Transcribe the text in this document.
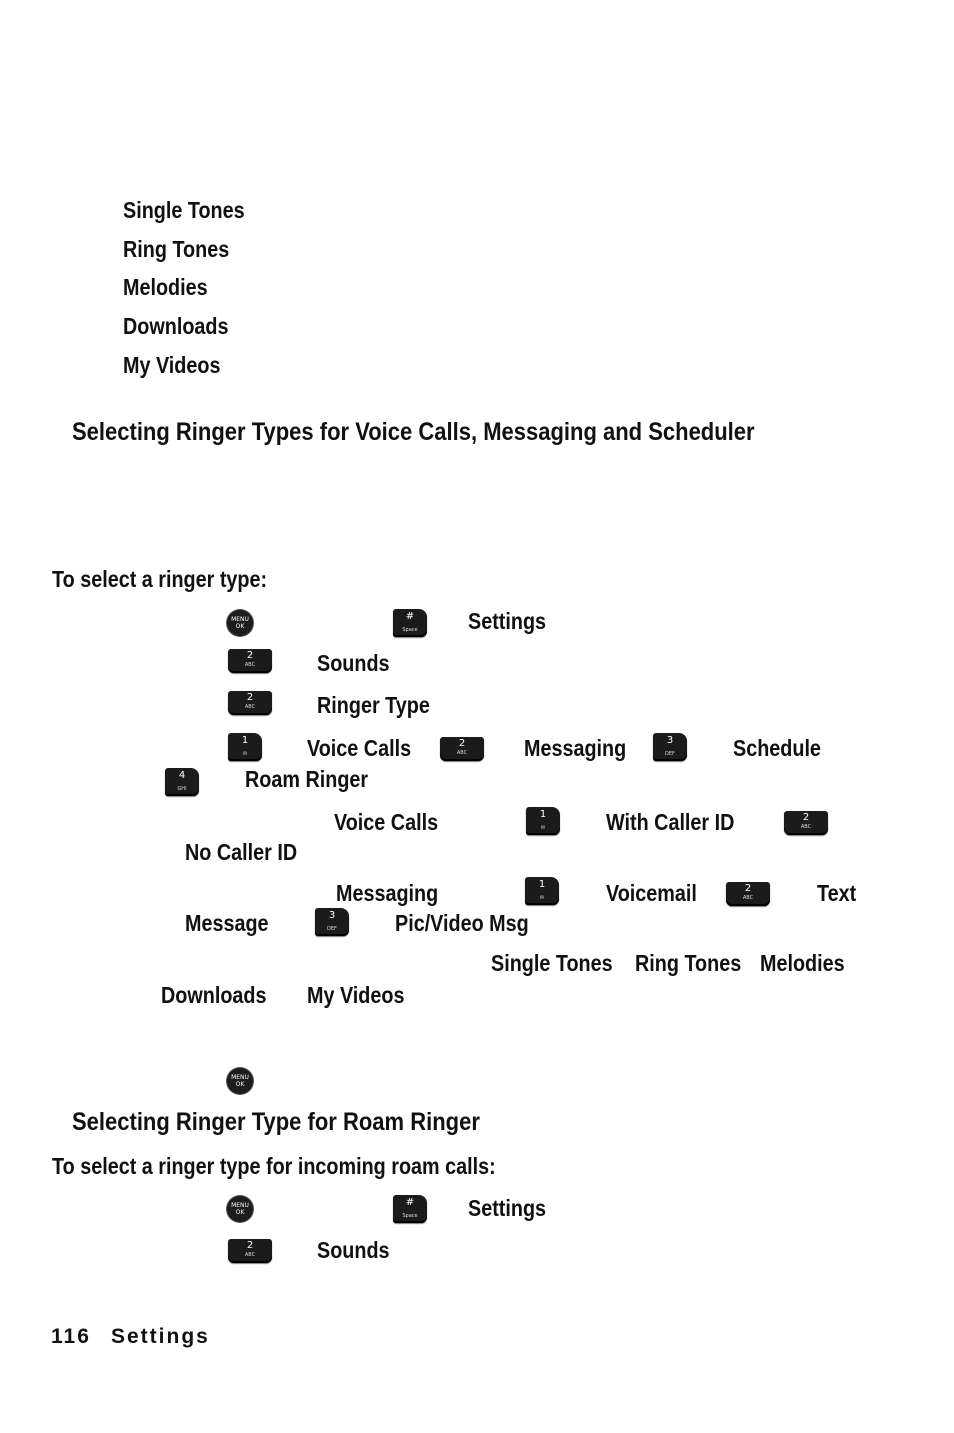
Single Tones
Ring Tones
Melodies
Downloads
My Videos
Selecting Ringer Types for Voice Calls, Messaging and Scheduler
To select a ringer type:
MENU
OK
#
Space	Settings
2
ABC	Sounds
2
ABC	Ringer Type
1
✉	Voice Calls	2
ABC	Messaging	3
DEF	Schedule
4
GHI	Roam Ringer
Voice Calls	1
✉	With Caller ID	2
ABC
No Caller ID
Messaging	1
✉	Voicemail	2
ABC	Text
Message	3
DEF	Pic/Video Msg
Single Tones Ring Tones Melodies
Downloads My Videos
MENU
OK
Selecting Ringer Type for Roam Ringer
To select a ringer type for incoming roam calls:
MENU
OK
#
Space	Settings
2
ABC	Sounds
116 Settings
